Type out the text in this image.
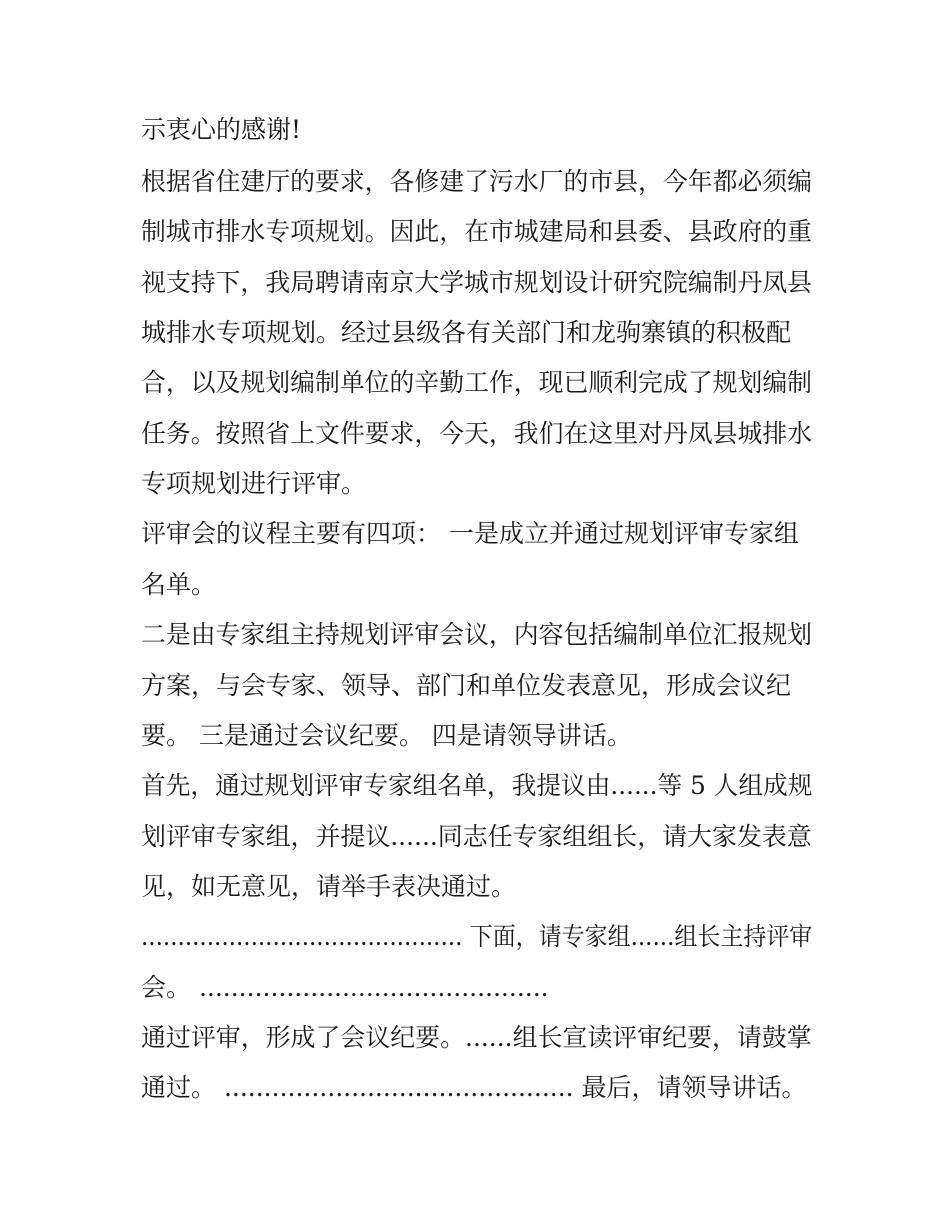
示衷心的感谢!
根据省住建厅的要求，各修建了污水厂的市县，今年都必须编
制城市排水专项规划。因此，在市城建局和县委、县政府的重
视支持下，我局聘请南京大学城市规划设计研究院编制丹凤县
城排水专项规划。经过县级各有关部门和龙驹寨镇的积极配
合，以及规划编制单位的辛勤工作，现已顺利完成了规划编制
任务。按照省上文件要求，今天，我们在这里对丹凤县城排水
专项规划进行评审。
评审会的议程主要有四项： 一是成立并通过规划评审专家组
名单。
二是由专家组主持规划评审会议，内容包括编制单位汇报规划
方案，与会专家、领导、部门和单位发表意见，形成会议纪
要。 三是通过会议纪要。 四是请领导讲话。
首先，通过规划评审专家组名单，我提议由......等 5 人组成规
划评审专家组，并提议......同志任专家组组长，请大家发表意
见，如无意见，请举手表决通过。
............................................ 下面，请专家组......组长主持评审
会。 ............................................
通过评审，形成了会议纪要。......组长宣读评审纪要，请鼓掌
通过。 ............................................ 最后，请领导讲话。
